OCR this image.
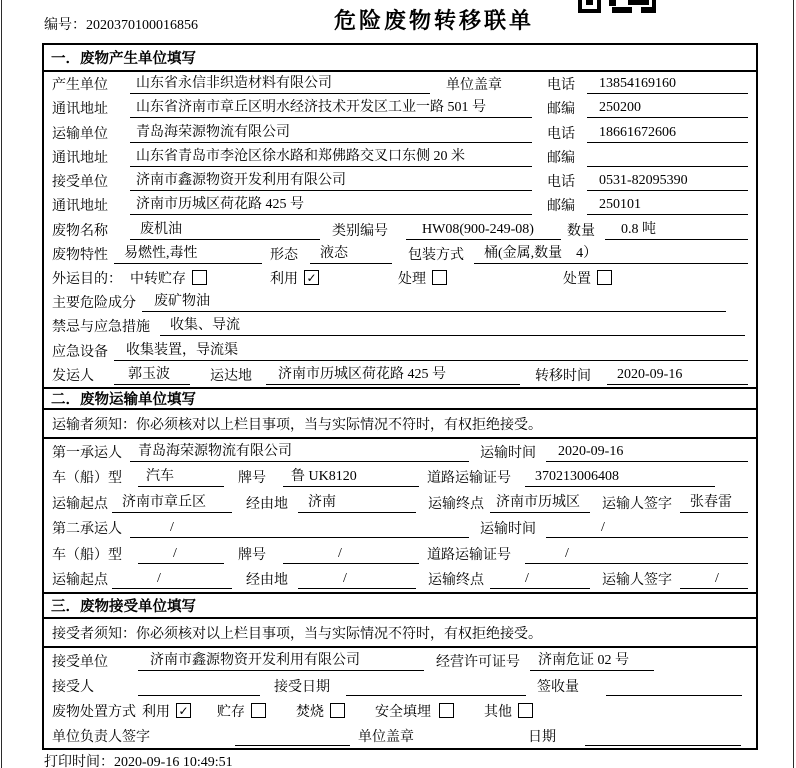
编号：2020370100016856	危险废物转移联单
一．废物产生单位填写
产生单位	山东省永信非织造材料有限公司	单位盖章	电话	13854169160
通讯地址	山东省济南市章丘区明水经济技术开发区工业一路 501 号	邮编	250200
运输单位	青岛海荣源物流有限公司	电话	18661672606
通讯地址	山东省青岛市李沧区徐水路和郑佛路交叉口东侧 20 米	邮编
接受单位	济南市鑫源物资开发利用有限公司	电话	0531-82095390
通讯地址	济南市历城区荷花路 425 号	邮编	250101
废物名称	废机油	类别编号	HW08(900-249-08)	数量	0.8 吨
废物特性	易燃性,毒性	形态	液态	包装方式	桶(金属,数量　4）
外运目的： 中转贮存	利用 ✓	处理	处置
主要危险成分	废矿物油
禁忌与应急措施	收集、导流
应急设备	收集装置，导流渠
发运人	郭玉波	运达地	济南市历城区荷花路 425 号	转移时间	2020-09-16
二．废物运输单位填写
运输者须知：你必须核对以上栏目事项，当与实际情况不符时，有权拒绝接受。
第一承运人	青岛海荣源物流有限公司	运输时间	2020-09-16
车（船）型	汽车	牌号	鲁 UK8120	道路运输证号	370213006408
运输起点	济南市章丘区	经由地	济南	运输终点 济南市历城区	运输人签字	张春雷
第二承运人	/	运输时间	/
车（船）型	/	牌号	/	道路运输证号	/
运输起点	/	经由地	/	运输终点	/	运输人签字	/
三．废物接受单位填写
接受者须知：你必须核对以上栏目事项，当与实际情况不符时，有权拒绝接受。
接受单位	济南市鑫源物资开发利用有限公司	经营许可证号	济南危证 02 号
接受人	接受日期	签收量
废物处置方式 利用 ✓ 贮存	焚烧	安全填埋	其他
单位负责人签字	单位盖章	日期
打印时间：2020-09-16 10:49:51
